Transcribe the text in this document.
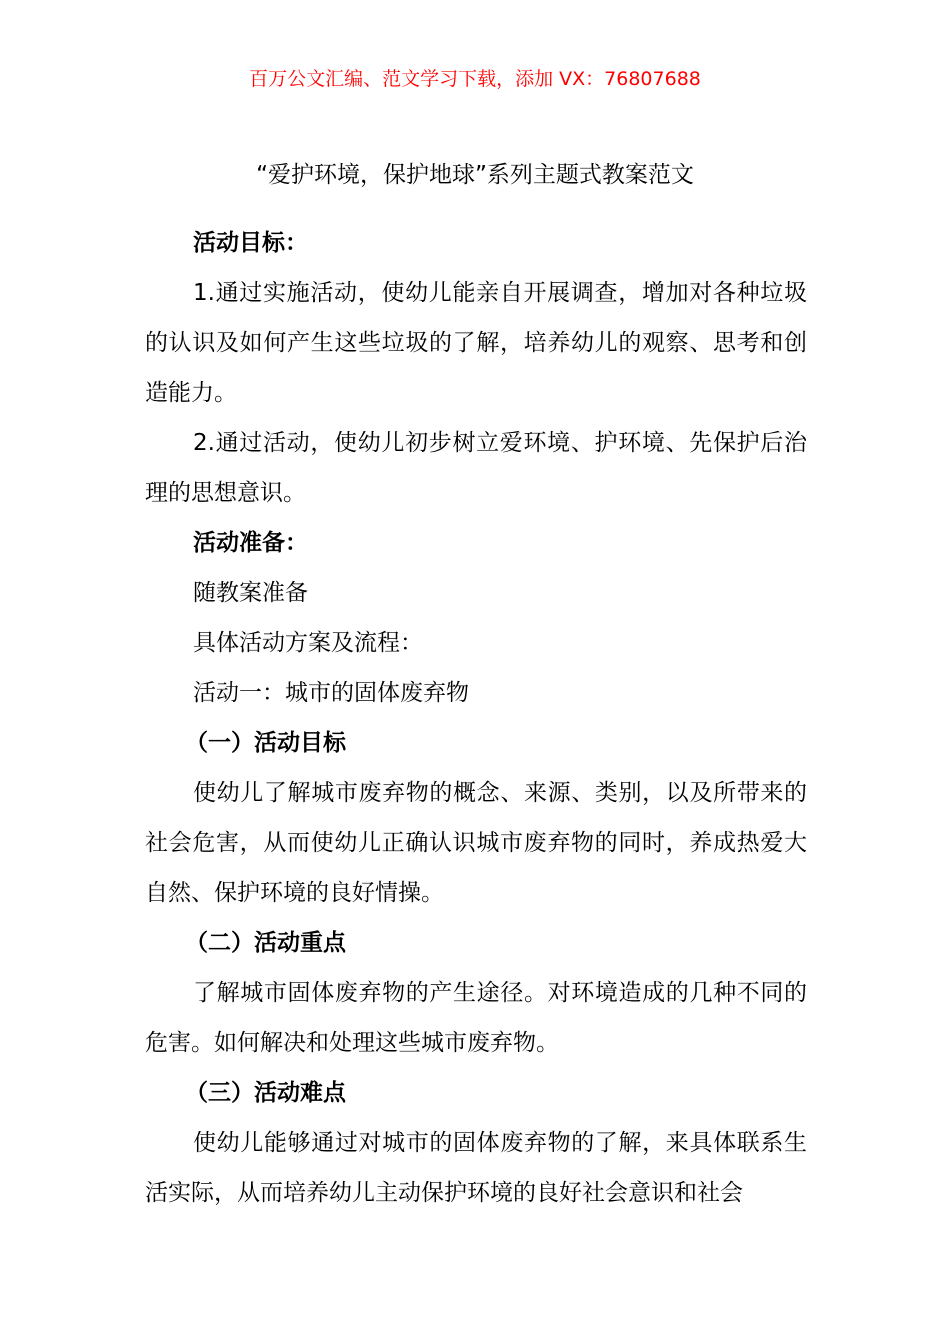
百万公文汇编、范文学习下载，添加 VX：76807688
“爱护环境，保护地球”系列主题式教案范文

活动目标：

1.通过实施活动，使幼儿能亲自开展调查，增加对各种垃圾的认识及如何产生这些垃圾的了解，培养幼儿的观察、思考和创造能力。

2.通过活动，使幼儿初步树立爱环境、护环境、先保护后治理的思想意识。

活动准备：

随教案准备

具体活动方案及流程：

活动一：城市的固体废弃物

（一）活动目标

使幼儿了解城市废弃物的概念、来源、类别，以及所带来的社会危害，从而使幼儿正确认识城市废弃物的同时，养成热爱大自然、保护环境的良好情操。

（二）活动重点

了解城市固体废弃物的产生途径。对环境造成的几种不同的危害。如何解决和处理这些城市废弃物。

（三）活动难点

使幼儿能够通过对城市的固体废弃物的了解，来具体联系生活实际，从而培养幼儿主动保护环境的良好社会意识和社会
